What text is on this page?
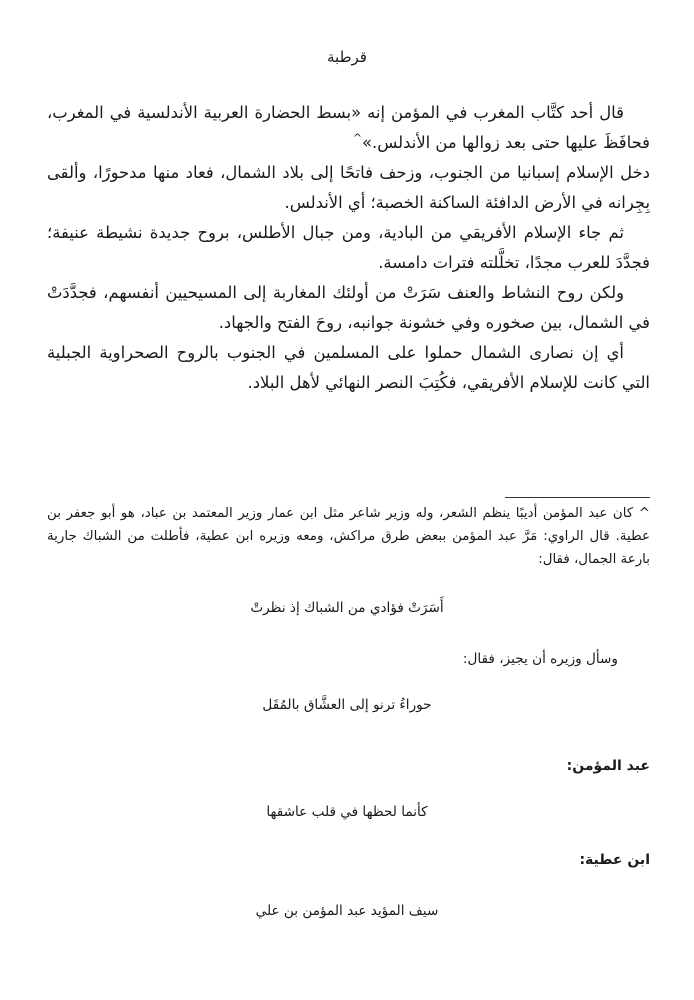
قرطبة

قال أحد كتَّاب المغرب في المؤمن إنه «بسط الحضارة العربية الأندلسية في المغرب، فحافَظَ عليها حتى بعد زوالها من الأندلس.»^

دخل الإسلام إسبانيا من الجنوب، وزحف فاتحًا إلى بلاد الشمال، فعاد منها مدحورًا، وألقى بِجِرانه في الأرض الدافئة الساكنة الخصبة؛ أي الأندلس.

ثم جاء الإسلام الأفريقي من البادية، ومن جبال الأطلس، بروح جديدة نشيطة عنيفة؛ فجدَّدَ للعرب مجدًا، تخلَّلته فترات دامسة.

ولكن روح النشاط والعنف سَرَتْ من أولئك المغاربة إلى المسيحيين أنفسهم، فجدَّدَتْ في الشمال، بين صخوره وفي خشونة جوانبه، روحَ الفتح والجهاد.

أي إن نصارى الشمال حملوا على المسلمين في الجنوب بالروح الصحراوية الجبلية التي كانت للإسلام الأفريقي، فكُتِبَ النصر النهائي لأهل البلاد.

^ كان عبد المؤمن أديبًا ينظم الشعر، وله وزير شاعر مثل ابن عمار وزير المعتمد بن عباد، هو أبو جعفر بن عطية. قال الراوي: مَرَّ عبد المؤمن ببعض طرق مراكش، ومعه وزيره ابن عطية، فأطلت من الشباك جارية بارعة الجمال، فقال:

أَسَرَتْ فؤادي من الشباك إذ نظرتْ
وسأل وزيره أن يجيز، فقال:
حوراءُ ترنو إلى العشَّاق بالمُقَل
عبد المؤمن:
كأنما لحظها في قلب عاشقها
ابن عطية:
سيف المؤيد عبد المؤمن بن علي
